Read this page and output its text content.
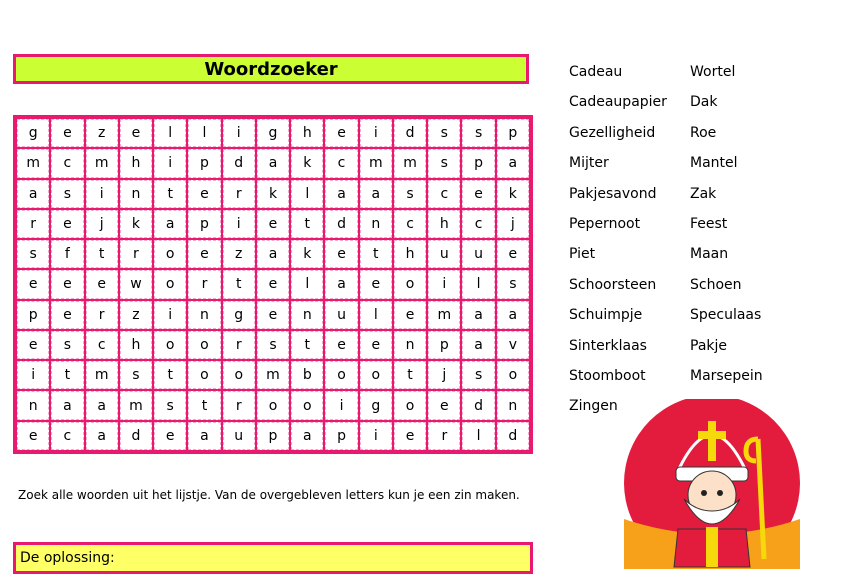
Woordzoeker
g	e	z	e	l	l	i	g	h	e	i	d	s	s	p
m	c	m	h	i	p	d	a	k	c	m	m	s	p	a
a	s	i	n	t	e	r	k	l	a	a	s	c	e	k
r	e	j	k	a	p	i	e	t	d	n	c	h	c	j
s	f	t	r	o	e	z	a	k	e	t	h	u	u	e
e	e	e	w	o	r	t	e	l	a	e	o	i	l	s
p	e	r	z	i	n	g	e	n	u	l	e	m	a	a
e	s	c	h	o	o	r	s	t	e	e	n	p	a	v
i	t	m	s	t	o	o	m	b	o	o	t	j	s	o
n	a	a	m	s	t	r	o	o	i	g	o	e	d	n
e	c	a	d	e	a	u	p	a	p	i	e	r	l	d
Zoek alle woorden uit het lijstje. Van de overgebleven letters kun je een zin maken.
De oplossing:
Cadeau	Wortel
Cadeaupapier	Dak
Gezelligheid	Roe
Mijter	Mantel
Pakjesavond	Zak
Pepernoot	Feest
Piet	Maan
Schoorsteen	Schoen
Schuimpje	Speculaas
Sinterklaas	Pakje
Stoomboot	Marsepein
Zingen
